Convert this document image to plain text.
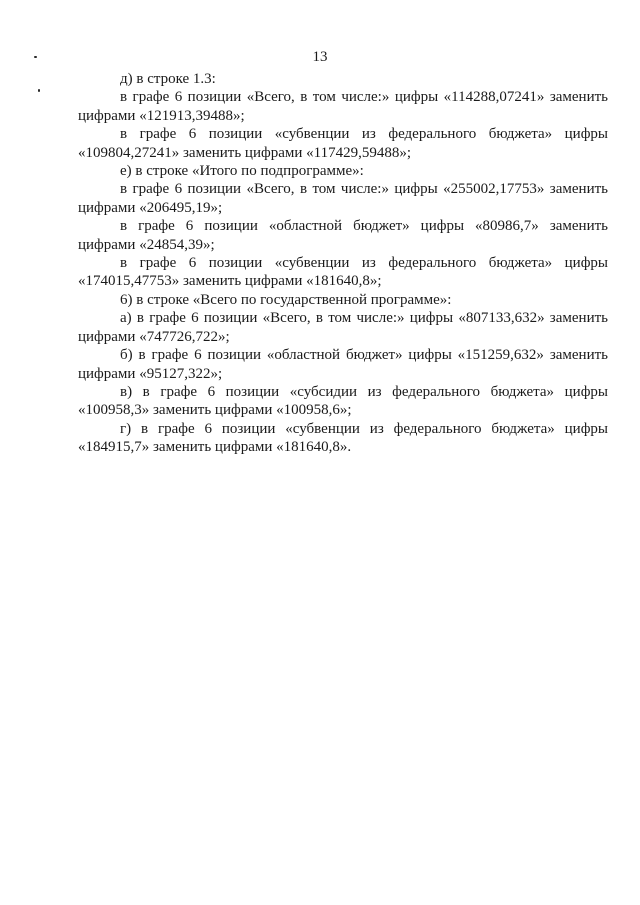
13

д) в строке 1.3:

в графе 6 позиции «Всего, в том числе:» цифры «114288,07241» заменить цифрами «121913,39488»;

в графе 6 позиции «субвенции из федерального бюджета» цифры «109804,27241» заменить цифрами «117429,59488»;

е) в строке «Итого по подпрограмме»:

в графе 6 позиции «Всего, в том числе:» цифры «255002,17753» заменить цифрами «206495,19»;

в графе 6 позиции «областной бюджет» цифры «80986,7» заменить цифрами «24854,39»;

в графе 6 позиции «субвенции из федерального бюджета» цифры «174015,47753» заменить цифрами «181640,8»;

6) в строке «Всего по государственной программе»:

а) в графе 6 позиции «Всего, в том числе:» цифры «807133,632» заменить цифрами «747726,722»;

б) в графе 6 позиции «областной бюджет» цифры «151259,632» заменить цифрами «95127,322»;

в) в графе 6 позиции «субсидии из федерального бюджета» цифры «100958,3» заменить цифрами «100958,6»;

г) в графе 6 позиции «субвенции из федерального бюджета» цифры «184915,7» заменить цифрами «181640,8».
